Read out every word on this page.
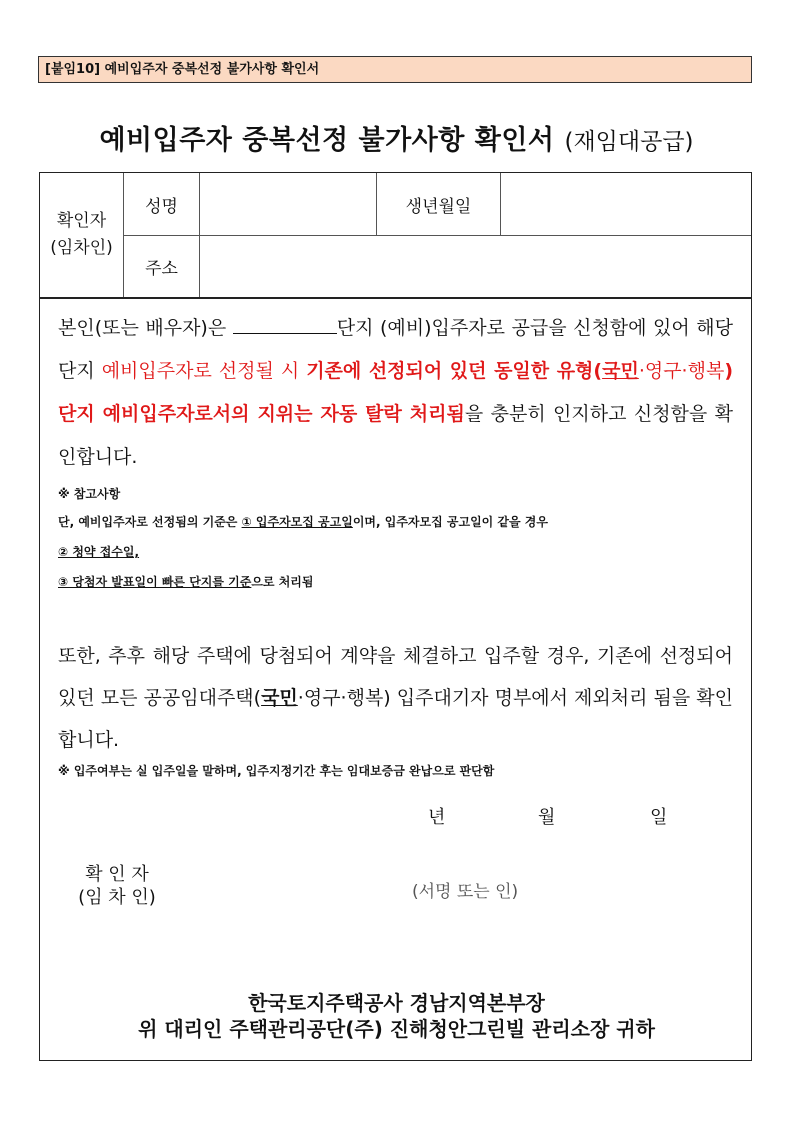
[붙임10] 예비입주자 중복선정 불가사항 확인서
예비입주자 중복선정 불가사항 확인서 (재임대공급)
확인자
(임차인)
성명	생년월일
주소
본인(또는 배우자)은	단지 (예비)입주자로 공급을 신청함에 있어 해당 단지 예비입주자로 선정될 시 기존에 선정되어 있던 동일한 유형(국민·영구·행복) 단지 예비입주자로서의 지위는 자동 탈락 처리됨을 충분히 인지하고 신청함을 확인합니다.
※ 참고사항
단, 예비입주자로 선정됨의 기준은 ① 입주자모집 공고일이며, 입주자모집 공고일이 같을 경우
② 청약 접수일,
③ 당첨자 발표일이 빠른 단지를 기준으로 처리됨
또한, 추후 해당 주택에 당첨되어 계약을 체결하고 입주할 경우, 기존에 선정되어 있던 모든 공공임대주택(국민·영구·행복) 입주대기자 명부에서 제외처리 됨을 확인합니다.
※ 입주여부는 실 입주일을 말하며, 입주지정기간 후는 임대보증금 완납으로 판단함
년	월	일
확 인 자
(임 차 인)	(서명 또는 인)
한국토지주택공사 경남지역본부장
위 대리인 주택관리공단(주) 진해청안그린빌 관리소장 귀하
